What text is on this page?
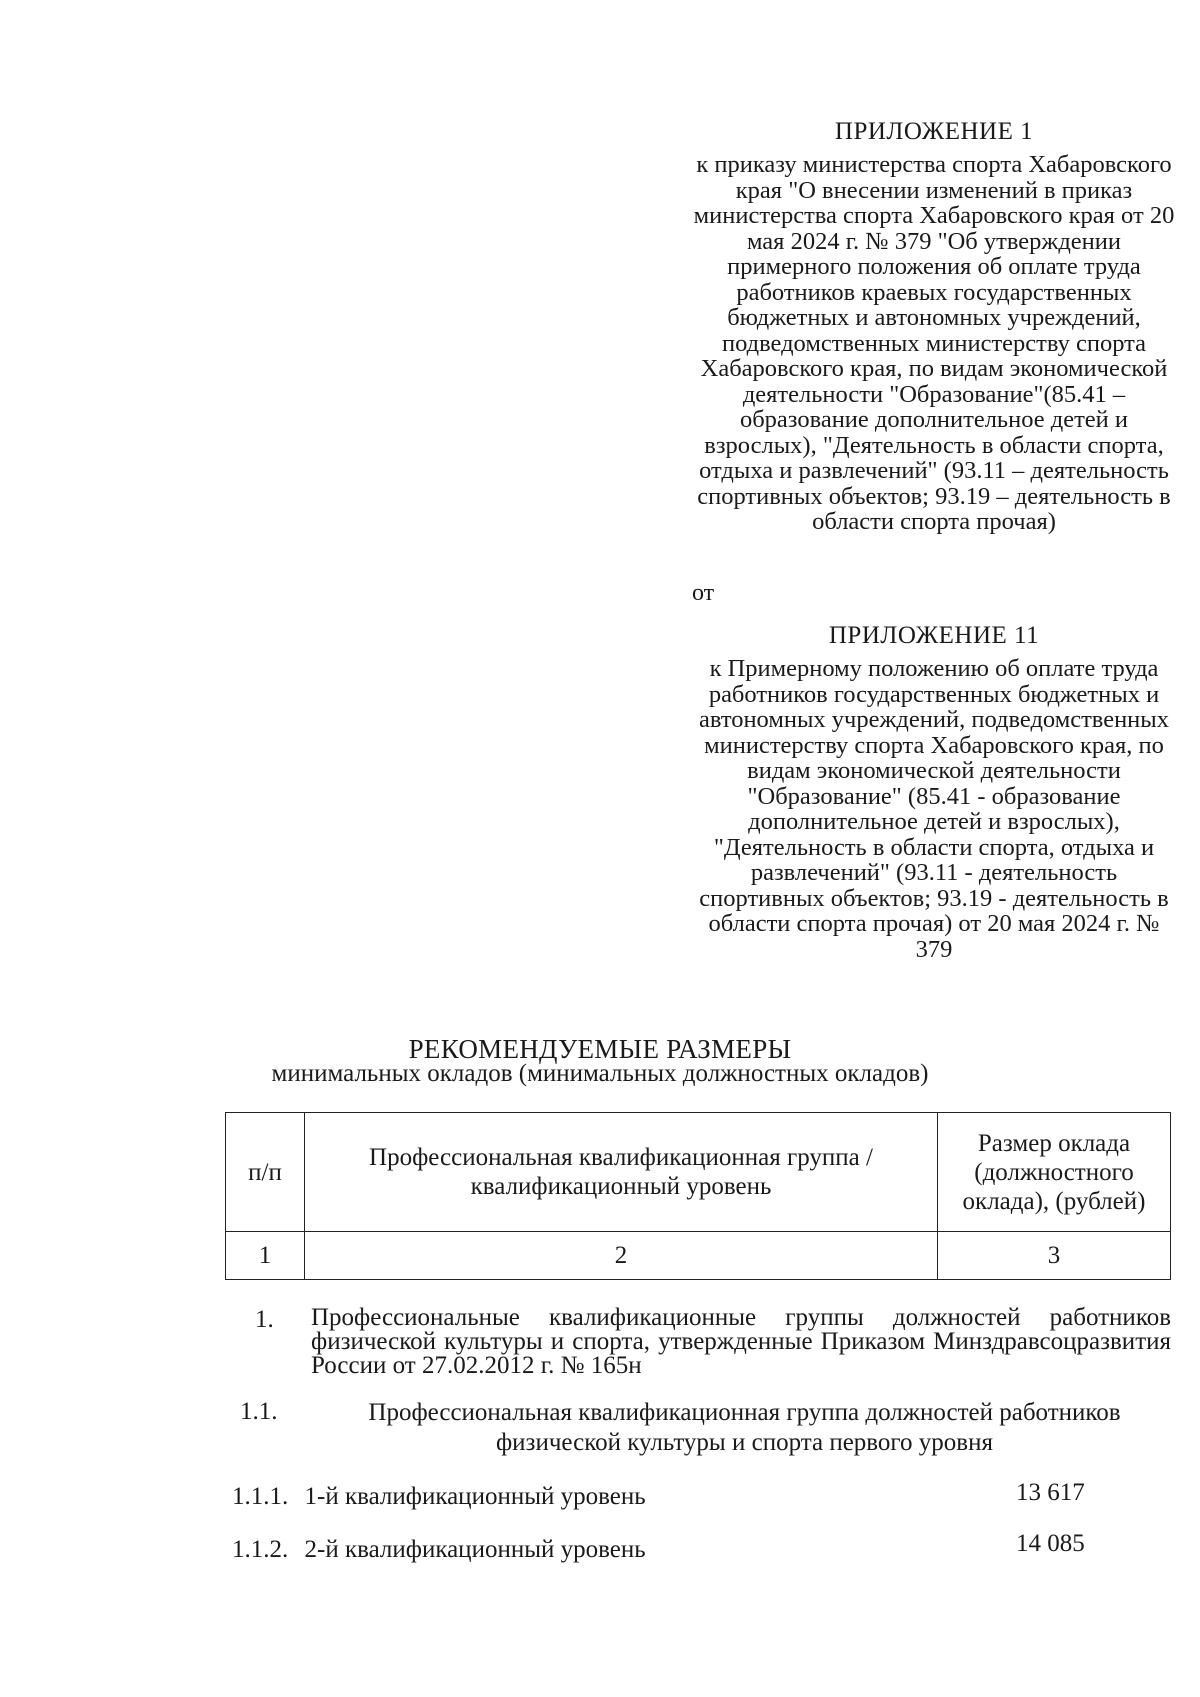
ПРИЛОЖЕНИЕ 1
к приказу министерства спорта Хабаровского края "О внесении изменений в приказ министерства спорта Хабаровского края от 20 мая 2024 г. № 379 "Об утверждении примерного положения об оплате труда работников краевых государственных бюджетных и автономных учреждений, подведомственных министерству спорта Хабаровского края, по видам экономической деятельности "Образование"(85.41 – образование дополнительное детей и взрослых), "Деятельность в области спорта, отдыха и развлечений" (93.11 – деятельность спортивных объектов; 93.19 – деятельность в области спорта прочая)
от
ПРИЛОЖЕНИЕ 11
к Примерному положению об оплате труда работников государственных бюджетных и автономных учреждений, подведомственных министерству спорта Хабаровского края, по видам экономической деятельности "Образование" (85.41 - образование дополнительное детей и взрослых), "Деятельность в области спорта, отдыха и развлечений" (93.11 - деятельность спортивных объектов; 93.19 - деятельность в области спорта прочая) от 20 мая 2024 г. № 379
РЕКОМЕНДУЕМЫЕ РАЗМЕРЫ
минимальных окладов (минимальных должностных окладов)
п/п	Профессиональная квалификационная группа / квалификационный уровень	Размер оклада (должностного оклада), (рублей)
1	2	3
1. Профессиональные квалификационные группы должностей работников физической культуры и спорта, утвержденные Приказом Минздравсоцразвития России от 27.02.2012 г. № 165н
1.1.	Профессиональная квалификационная группа должностей работников физической культуры и спорта первого уровня
1.1.1. 1-й квалификационный уровень	13 617
1.1.2. 2-й квалификационный уровень	14 085
